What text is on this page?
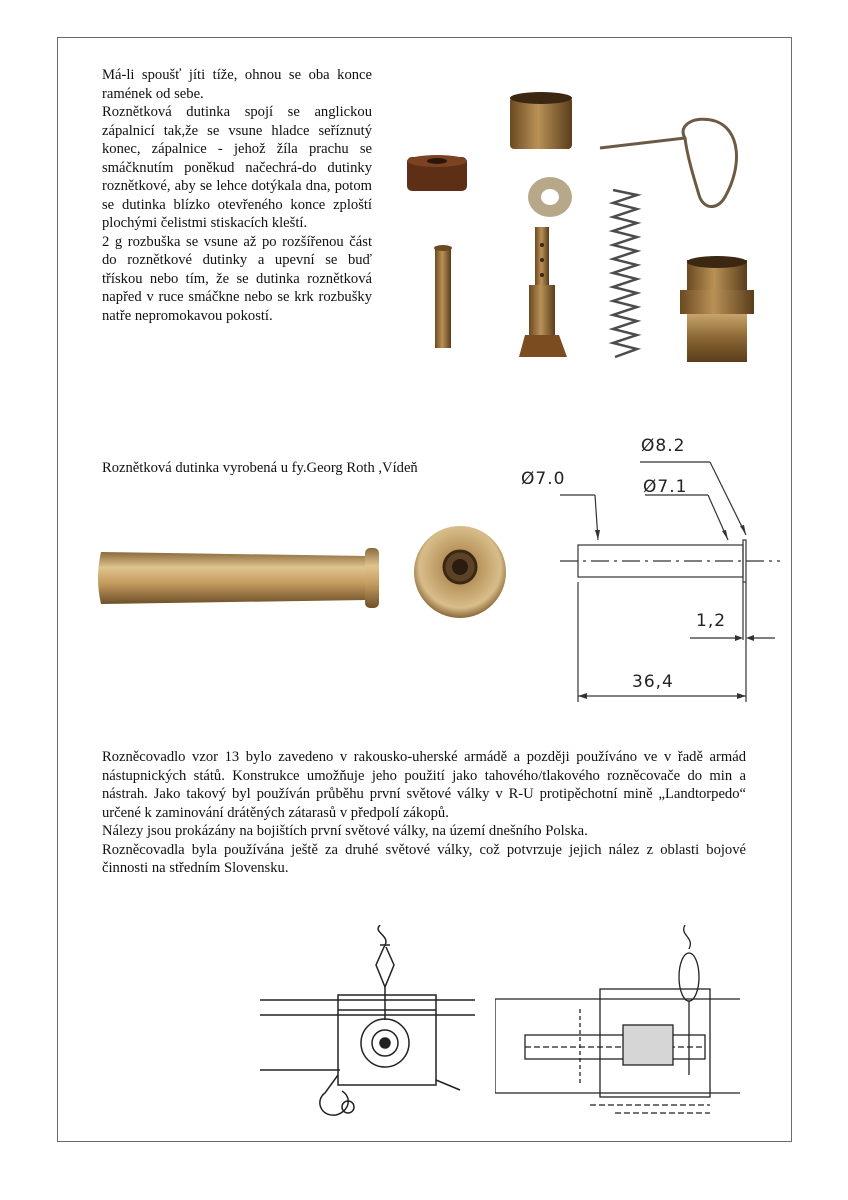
Má-li spoušť jíti tíže, ohnou se oba konce ramének od sebe.

Roznětková dutinka spojí se anglickou zápalnicí tak,že se vsune hladce seříznutý konec, zápalnice - jehož žíla prachu se smáčknutím poněkud načechrá-do dutinky roznětkové, aby se lehce dotýkala dna, potom se dutinka blízko otevřeného konce zploští plochými čelistmi stiskacích kleští.

2 g rozbuška se vsune až po rozšířenou část do roznětkové dutinky a upevní se buď třískou nebo tím, že se dutinka roznětková napřed v ruce smáčkne nebo se krk rozbušky natře nepromokavou pokostí.

Roznětková dutinka vyrobená u fy.Georg Roth ,Vídeň
Ø8.2
Ø7.0	Ø7.1
1,2
36,4

Rozněcovadlo vzor 13 bylo zavedeno v rakousko-uherské armádě a později používáno ve v řadě armád nástupnických států. Konstrukce umožňuje jeho použití jako tahového/tlakového rozněcovače do min a nástrah. Jako takový byl používán průběhu první světové války v R-U protipěchotní mině „Landtorpedo“ určené k zaminování drátěných zátarasů v předpolí zákopů.

Nálezy jsou prokázány na bojištích první světové války, na území dnešního Polska.

Rozněcovadla byla používána ještě za druhé světové války, což potvrzuje jejich nález z oblasti bojové činnosti na středním Slovensku.
